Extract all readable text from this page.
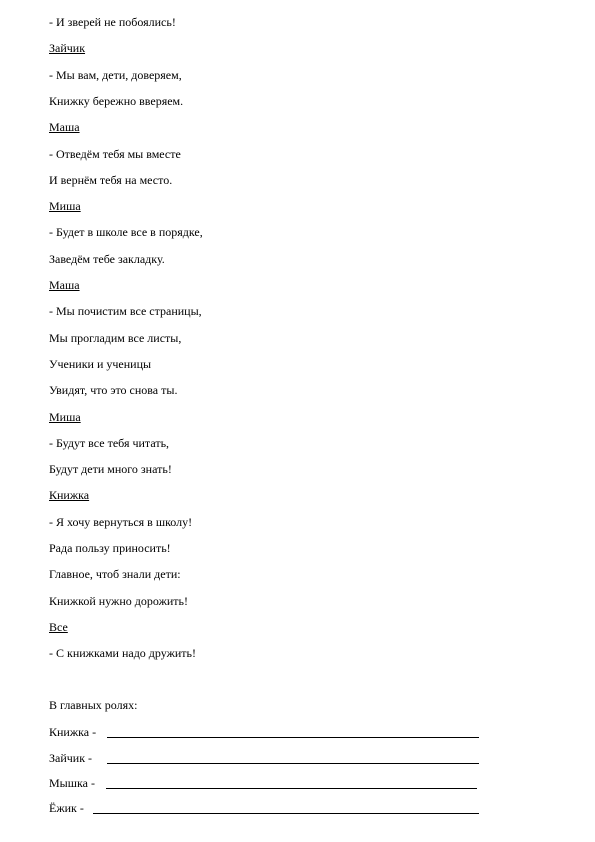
- И зверей не побоялись!
Зайчик
- Мы вам, дети, доверяем,
Книжку бережно вверяем.
Маша
- Отведём тебя мы вместе
И вернём тебя на место.
Миша
- Будет в школе все в порядке,
Заведём тебе закладку.
Маша
- Мы почистим все страницы,
Мы прогладим все листы,
Ученики и ученицы
Увидят, что это снова ты.
Миша
- Будут все тебя читать,
Будут дети много знать!
Книжка
- Я хочу вернуться в школу!
Рада пользу приносить!
Главное, чтоб знали дети:
Книжкой нужно дорожить!
Все
- С книжками надо дружить!
В главных ролях:
Книжка -
Зайчик -
Мышка -
Ёжик -
